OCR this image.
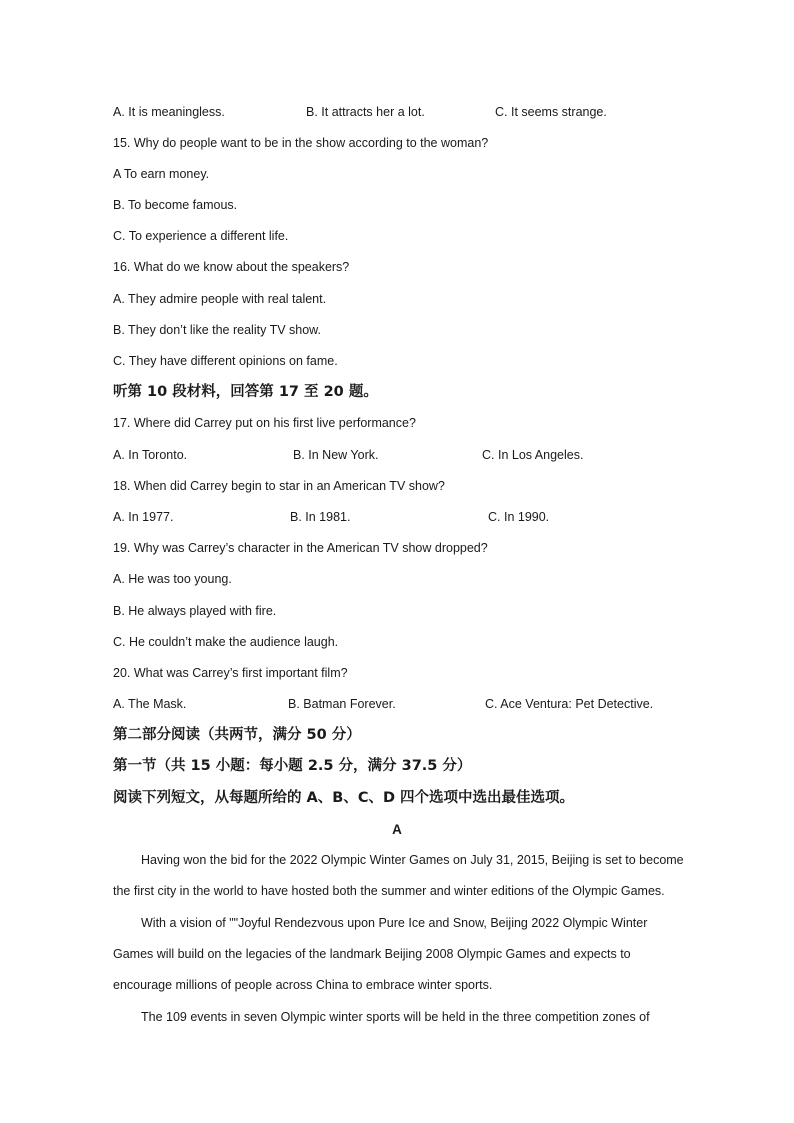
A. It is meaningless.	B. It attracts her a lot.	C. It seems strange.
15. Why do people want to be in the show according to the woman?
A To earn money.
B. To become famous.
C. To experience a different life.
16. What do we know about the speakers?
A. They admire people with real talent.
B. They don’t like the reality TV show.
C. They have different opinions on fame.
听第 10 段材料，回答第 17 至 20 题。
17. Where did Carrey put on his first live performance?
A. In Toronto.	B. In New York.	C. In Los Angeles.
18. When did Carrey begin to star in an American TV show?
A. In 1977.	B. In 1981.	C. In 1990.
19. Why was Carrey’s character in the American TV show dropped?
A. He was too young.
B. He always played with fire.
C. He couldn’t make the audience laugh.
20. What was Carrey’s first important film?
A. The Mask.	B. Batman Forever.	C. Ace Ventura: Pet Detective.
第二部分阅读（共两节，满分 50 分）
第一节（共 15 小题：每小题 2.5 分，满分 37.5 分）
阅读下列短文，从每题所给的 A、B、C、D 四个选项中选出最佳选项。
A
Having won the bid for the 2022 Olympic Winter Games on July 31, 2015, Beijing is set to become
the first city in the world to have hosted both the summer and winter editions of the Olympic Games.
With a vision of ""Joyful Rendezvous upon Pure Ice and Snow, Beijing 2022 Olympic Winter
Games will build on the legacies of the landmark Beijing 2008 Olympic Games and expects to
encourage millions of people across China to embrace winter sports.
The 109 events in seven Olympic winter sports will be held in the three competition zones of
